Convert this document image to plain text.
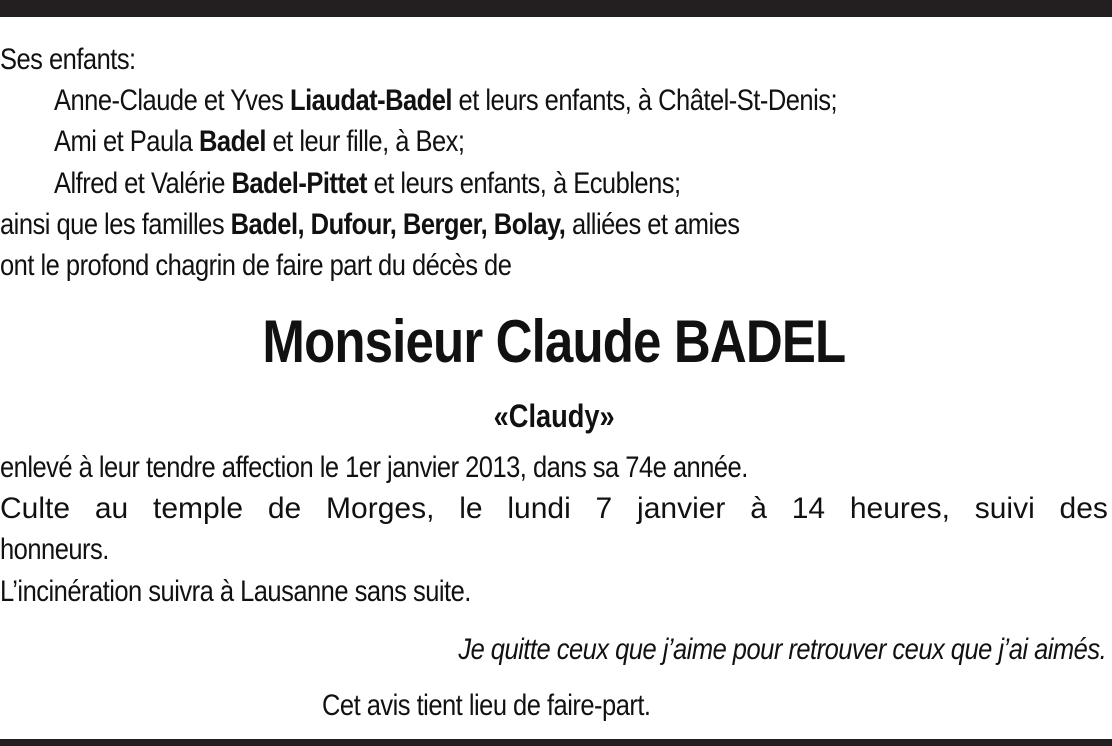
Ses enfants:
Anne-Claude et Yves Liaudat-Badel et leurs enfants, à Châtel-St-Denis;
Ami et Paula Badel et leur fille, à Bex;
Alfred et Valérie Badel-Pittet et leurs enfants, à Ecublens;
ainsi que les familles Badel, Dufour, Berger, Bolay, alliées et amies
ont le profond chagrin de faire part du décès de
Monsieur Claude BADEL
«Claudy»
enlevé à leur tendre affection le 1er janvier 2013, dans sa 74e année.
Culte au temple de Morges, le lundi 7 janvier à 14 heures, suivi des
honneurs.
L’incinération suivra à Lausanne sans suite.
Je quitte ceux que j’aime pour retrouver ceux que j’ai aimés.
Cet avis tient lieu de faire-part.
